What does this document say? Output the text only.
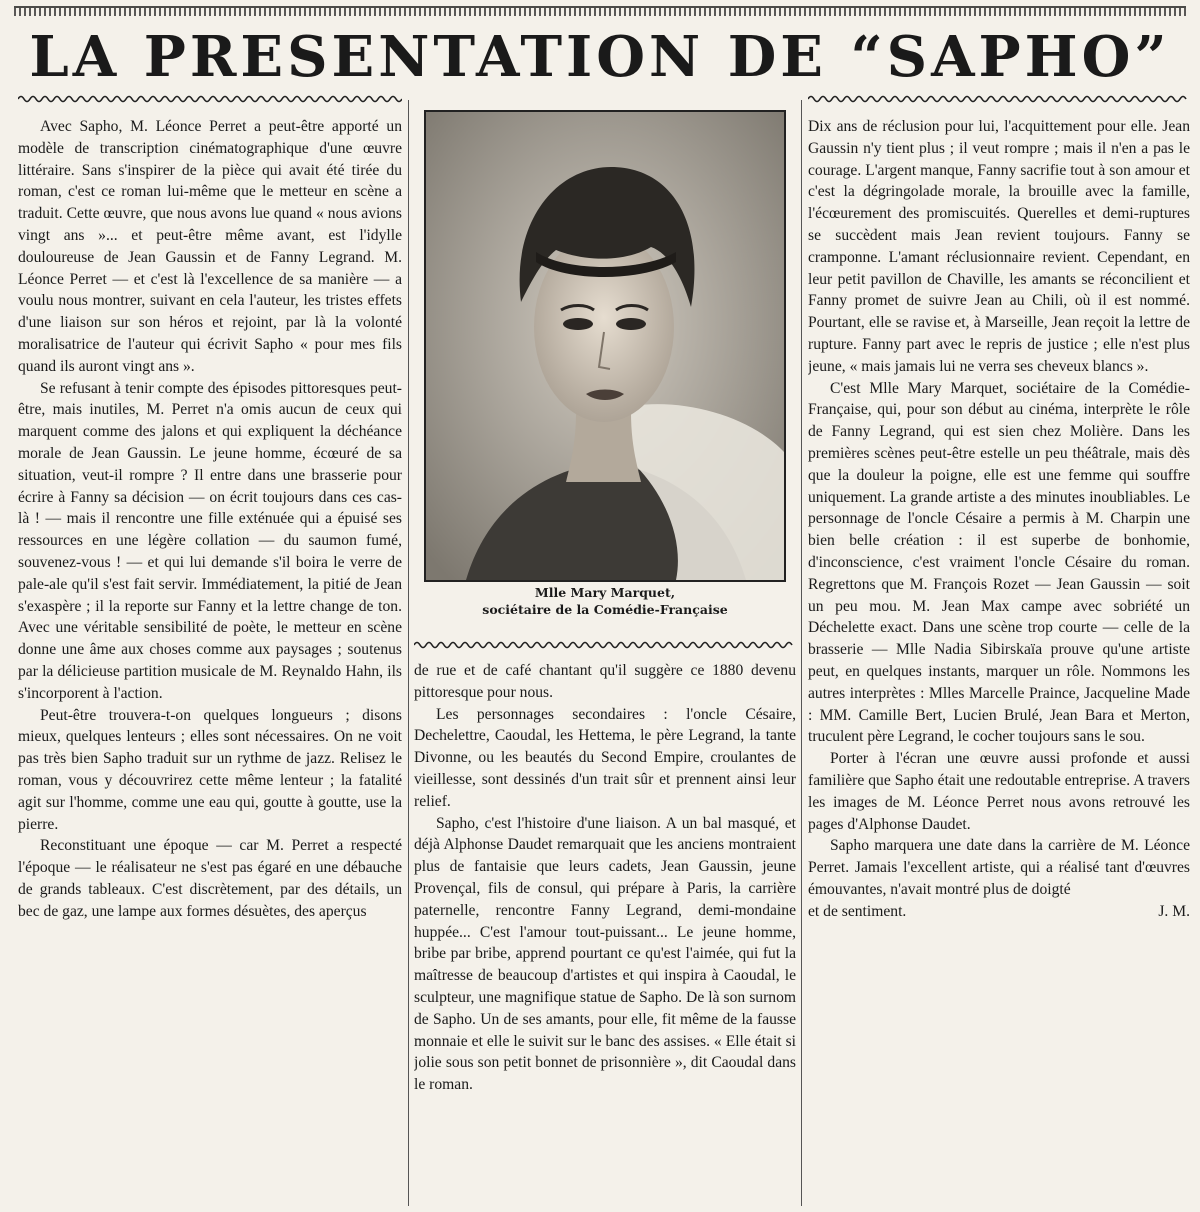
LA PRESENTATION DE “SAPHO”

Avec Sapho, M. Léonce Perret a peut-être apporté un modèle de transcription cinématographique d'une œuvre littéraire. Sans s'inspirer de la pièce qui avait été tirée du roman, c'est ce roman lui-même que le metteur en scène a traduit. Cette œuvre, que nous avons lue quand « nous avions vingt ans »... et peut-être même avant, est l'idylle douloureuse de Jean Gaussin et de Fanny Legrand. M. Léonce Perret — et c'est là l'excellence de sa manière — a voulu nous montrer, suivant en cela l'auteur, les tristes effets d'une liaison sur son héros et rejoint, par là la volonté moralisatrice de l'auteur qui écrivit Sapho « pour mes fils quand ils auront vingt ans ».

Se refusant à tenir compte des épisodes pittoresques peut-être, mais inutiles, M. Perret n'a omis aucun de ceux qui marquent comme des jalons et qui expliquent la déchéance morale de Jean Gaussin. Le jeune homme, écœuré de sa situation, veut-il rompre ? Il entre dans une brasserie pour écrire à Fanny sa décision — on écrit toujours dans ces cas-là ! — mais il rencontre une fille exténuée qui a épuisé ses ressources en une légère collation — du saumon fumé, souvenez-vous ! — et qui lui demande s'il boira le verre de pale-ale qu'il s'est fait servir. Immédiatement, la pitié de Jean s'exaspère ; il la reporte sur Fanny et la lettre change de ton. Avec une véritable sensibilité de poète, le metteur en scène donne une âme aux choses comme aux paysages ; soutenus par la délicieuse partition musicale de M. Reynaldo Hahn, ils s'incorporent à l'action.

Peut-être trouvera-t-on quelques longueurs ; disons mieux, quelques lenteurs ; elles sont nécessaires. On ne voit pas très bien Sapho traduit sur un rythme de jazz. Relisez le roman, vous y découvrirez cette même lenteur ; la fatalité agit sur l'homme, comme une eau qui, goutte à goutte, use la pierre.

Reconstituant une époque — car M. Perret a respecté l'époque — le réalisateur ne s'est pas égaré en une débauche de grands tableaux. C'est discrètement, par des détails, un bec de gaz, une lampe aux formes désuètes, des aperçus

Mlle Mary Marquet,
sociétaire de la Comédie-Française

de rue et de café chantant qu'il suggère ce 1880 devenu pittoresque pour nous.

Les personnages secondaires : l'oncle Césaire, Dechelettre, Caoudal, les Hettema, le père Legrand, la tante Divonne, ou les beautés du Second Empire, croulantes de vieillesse, sont dessinés d'un trait sûr et prennent ainsi leur relief.

Sapho, c'est l'histoire d'une liaison. A un bal masqué, et déjà Alphonse Daudet remarquait que les anciens montraient plus de fantaisie que leurs cadets, Jean Gaussin, jeune Provençal, fils de consul, qui prépare à Paris, la carrière paternelle, rencontre Fanny Legrand, demi-mondaine huppée... C'est l'amour tout-puissant... Le jeune homme, bribe par bribe, apprend pourtant ce qu'est l'aimée, qui fut la maîtresse de beaucoup d'artistes et qui inspira à Caoudal, le sculpteur, une magnifique statue de Sapho. De là son surnom de Sapho. Un de ses amants, pour elle, fit même de la fausse monnaie et elle le suivit sur le banc des assises. « Elle était si jolie sous son petit bonnet de prisonnière », dit Caoudal dans le roman.

Dix ans de réclusion pour lui, l'acquittement pour elle. Jean Gaussin n'y tient plus ; il veut rompre ; mais il n'en a pas le courage. L'argent manque, Fanny sacrifie tout à son amour et c'est la dégringolade morale, la brouille avec la famille, l'écœurement des promiscuités. Querelles et demi-ruptures se succèdent mais Jean revient toujours. Fanny se cramponne. L'amant réclusionnaire revient. Cependant, en leur petit pavillon de Chaville, les amants se réconcilient et Fanny promet de suivre Jean au Chili, où il est nommé. Pourtant, elle se ravise et, à Marseille, Jean reçoit la lettre de rupture. Fanny part avec le repris de justice ; elle n'est plus jeune, « mais jamais lui ne verra ses cheveux blancs ».

C'est Mlle Mary Marquet, sociétaire de la Comédie-Française, qui, pour son début au cinéma, interprète le rôle de Fanny Legrand, qui est sien chez Molière. Dans les premières scènes peut-être estelle un peu théâtrale, mais dès que la douleur la poigne, elle est une femme qui souffre uniquement. La grande artiste a des minutes inoubliables. Le personnage de l'oncle Césaire a permis à M. Charpin une bien belle création : il est superbe de bonhomie, d'inconscience, c'est vraiment l'oncle Césaire du roman. Regrettons que M. François Rozet — Jean Gaussin — soit un peu mou. M. Jean Max campe avec sobriété un Déchelette exact. Dans une scène trop courte — celle de la brasserie — Mlle Nadia Sibirskaïa prouve qu'une artiste peut, en quelques instants, marquer un rôle. Nommons les autres interprètes : Mlles Marcelle Praince, Jacqueline Made : MM. Camille Bert, Lucien Brulé, Jean Bara et Merton, truculent père Legrand, le cocher toujours sans le sou.

Porter à l'écran une œuvre aussi profonde et aussi familière que Sapho était une redoutable entreprise. A travers les images de M. Léonce Perret nous avons retrouvé les pages d'Alphonse Daudet.

Sapho marquera une date dans la carrière de M. Léonce Perret. Jamais l'excellent artiste, qui a réalisé tant d'œuvres émouvantes, n'avait montré plus de doigté

et de sentiment.	J. M.
